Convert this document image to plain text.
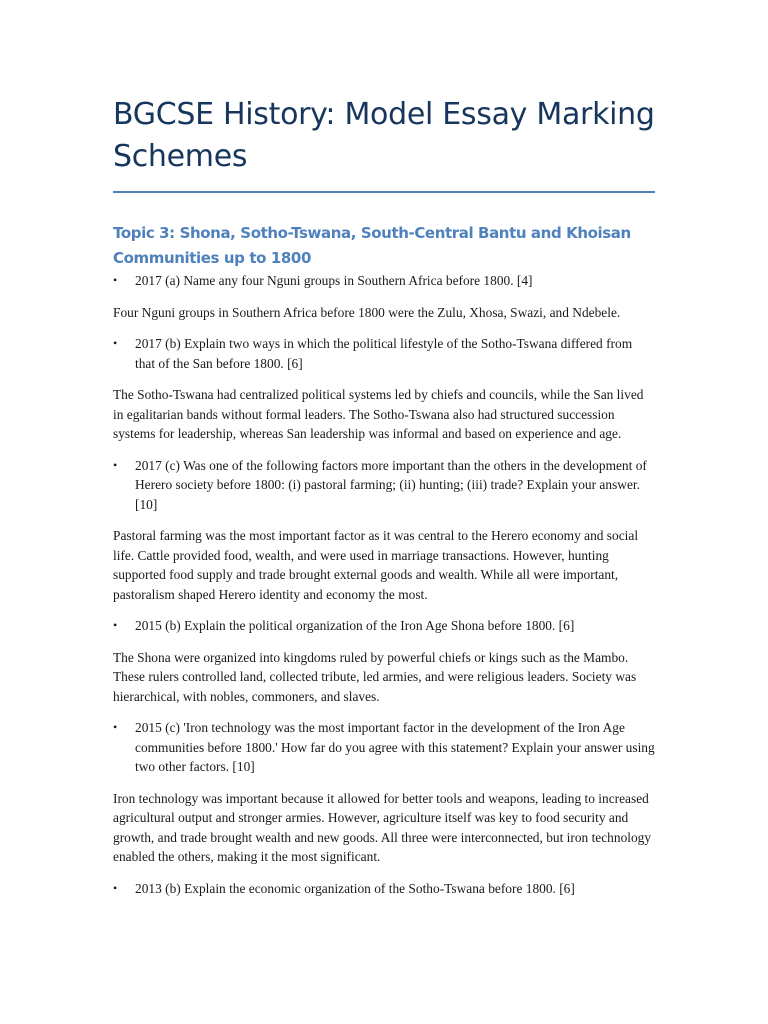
BGCSE History: Model Essay Marking Schemes
Topic 3: Shona, Sotho-Tswana, South-Central Bantu and Khoisan Communities up to 1800

• 2017 (a) Name any four Nguni groups in Southern Africa before 1800. [4]

Four Nguni groups in Southern Africa before 1800 were the Zulu, Xhosa, Swazi, and Ndebele.

• 2017 (b) Explain two ways in which the political lifestyle of the Sotho-Tswana differed from that of the San before 1800. [6]

The Sotho-Tswana had centralized political systems led by chiefs and councils, while the San lived in egalitarian bands without formal leaders. The Sotho-Tswana also had structured succession systems for leadership, whereas San leadership was informal and based on experience and age.

• 2017 (c) Was one of the following factors more important than the others in the development of Herero society before 1800: (i) pastoral farming; (ii) hunting; (iii) trade? Explain your answer. [10]

Pastoral farming was the most important factor as it was central to the Herero economy and social life. Cattle provided food, wealth, and were used in marriage transactions. However, hunting supported food supply and trade brought external goods and wealth. While all were important, pastoralism shaped Herero identity and economy the most.

• 2015 (b) Explain the political organization of the Iron Age Shona before 1800. [6]

The Shona were organized into kingdoms ruled by powerful chiefs or kings such as the Mambo. These rulers controlled land, collected tribute, led armies, and were religious leaders. Society was hierarchical, with nobles, commoners, and slaves.

• 2015 (c) 'Iron technology was the most important factor in the development of the Iron Age communities before 1800.' How far do you agree with this statement? Explain your answer using two other factors. [10]

Iron technology was important because it allowed for better tools and weapons, leading to increased agricultural output and stronger armies. However, agriculture itself was key to food security and growth, and trade brought wealth and new goods. All three were interconnected, but iron technology enabled the others, making it the most significant.

• 2013 (b) Explain the economic organization of the Sotho-Tswana before 1800. [6]
